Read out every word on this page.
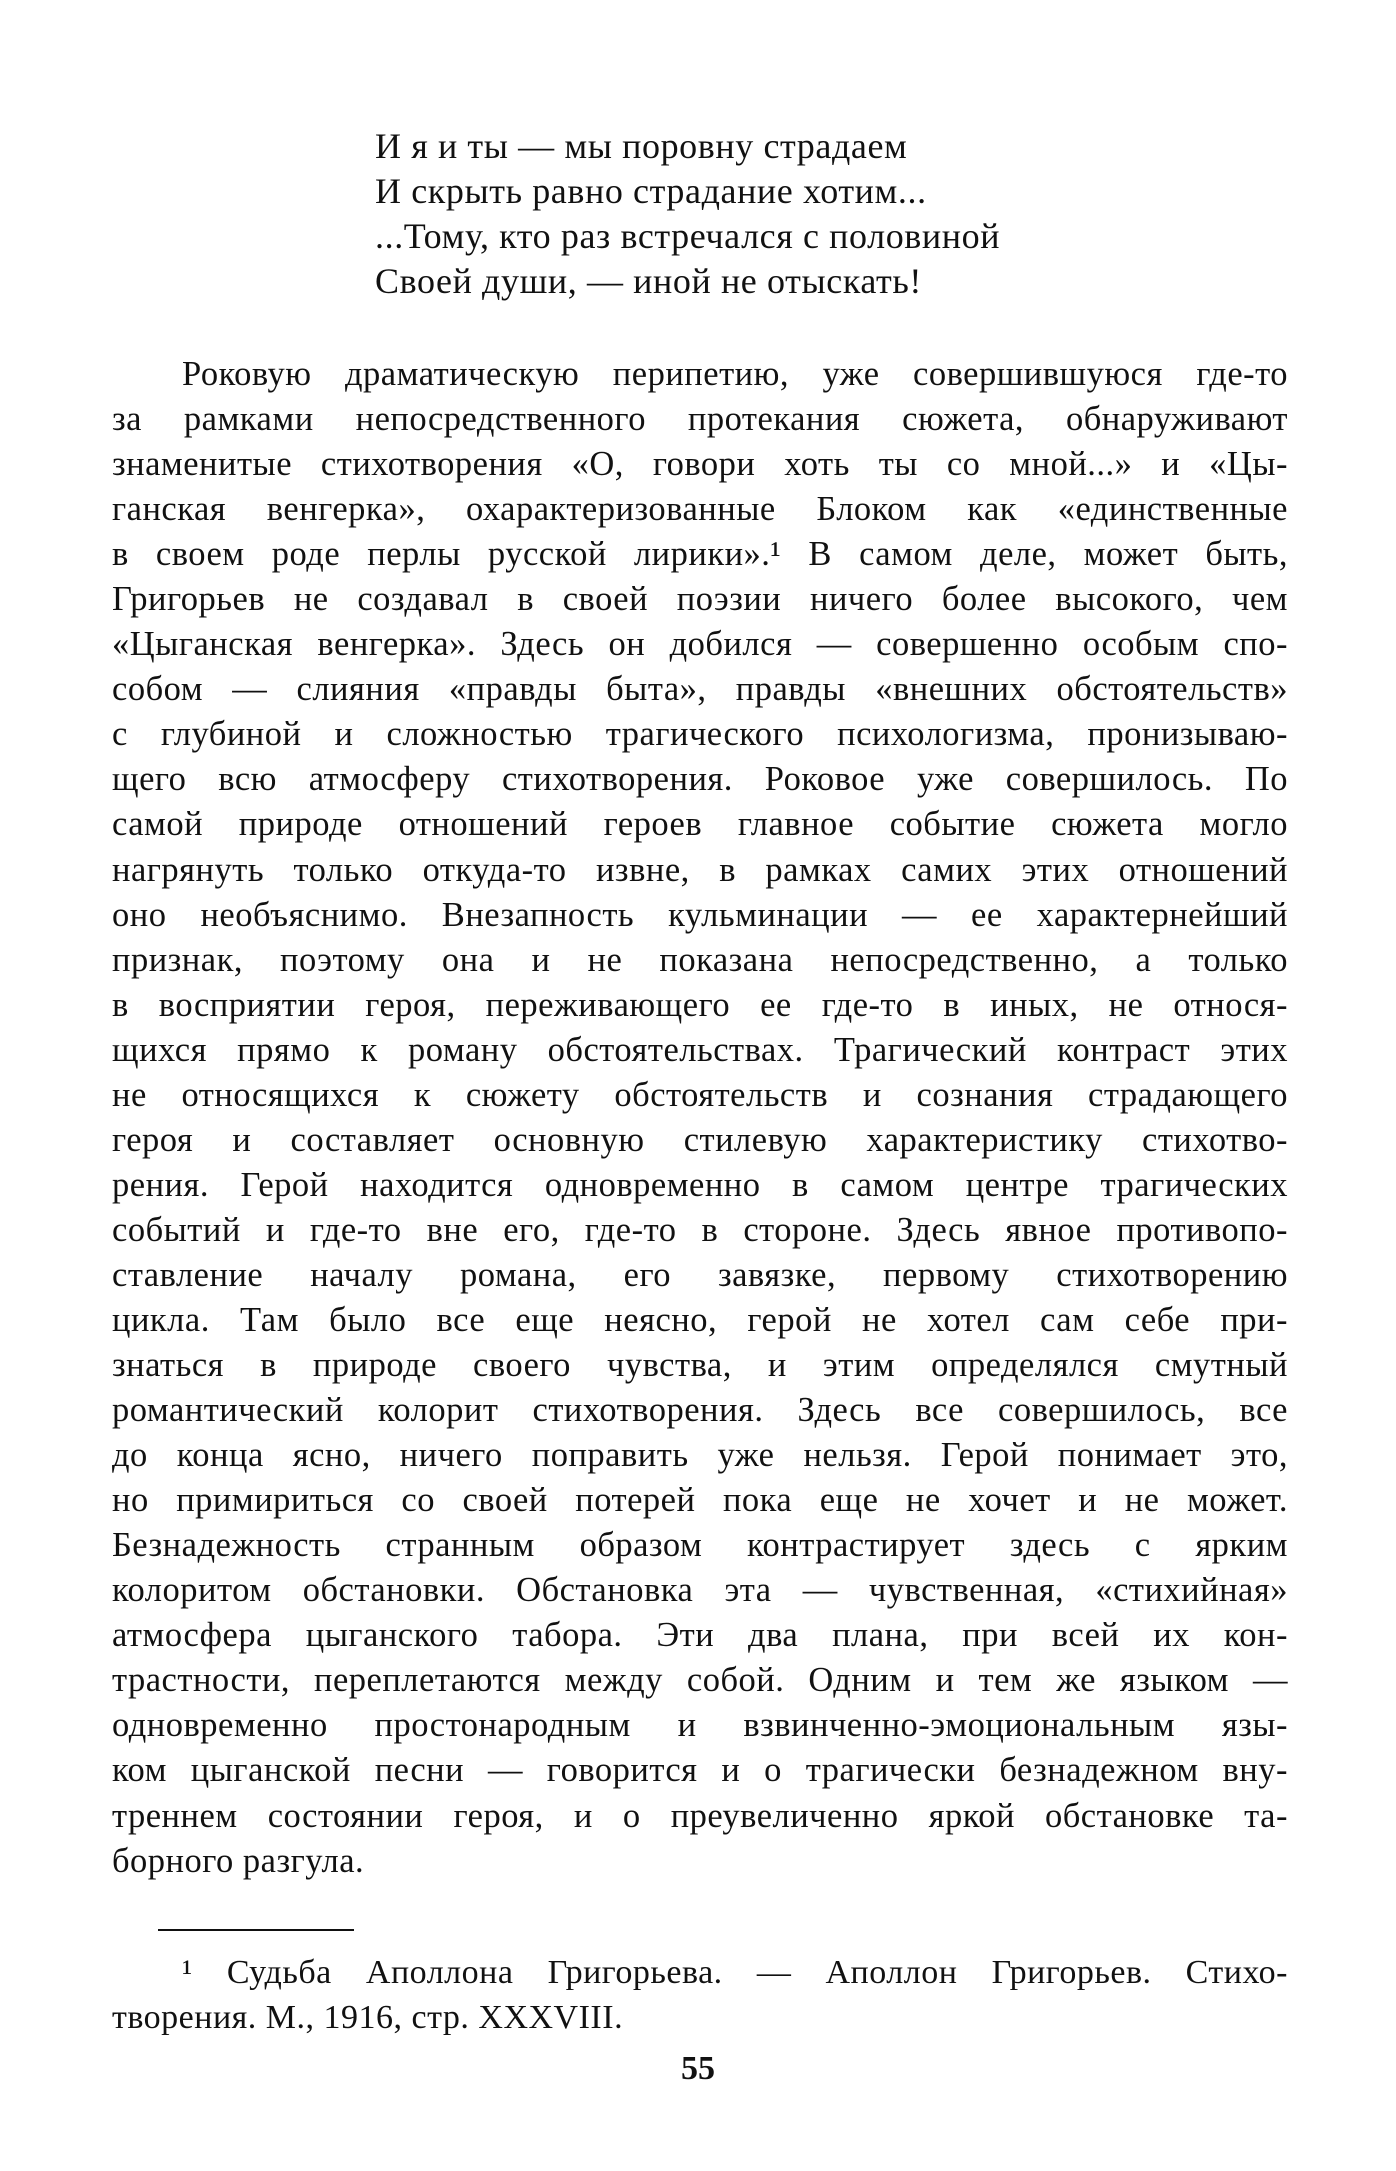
И я и ты — мы поровну страдаем
И скрыть равно страдание хотим...
...Тому, кто раз встречался с половиной
Своей души, — иной не отыскать!
Роковую драматическую перипетию, уже совершившуюся где-то
за рамками непосредственного протекания сюжета, обнаруживают
знаменитые стихотворения «О, говори хоть ты со мной...» и «Цы-
ганская венгерка», охарактеризованные Блоком как «единственные
в своем роде перлы русской лирики».¹ В самом деле, может быть,
Григорьев не создавал в своей поэзии ничего более высокого, чем
«Цыганская венгерка». Здесь он добился — совершенно особым спо-
собом — слияния «правды быта», правды «внешних обстоятельств»
с глубиной и сложностью трагического психологизма, пронизываю-
щего всю атмосферу стихотворения. Роковое уже совершилось. По
самой природе отношений героев главное событие сюжета могло
нагрянуть только откуда-то извне, в рамках самих этих отношений
оно необъяснимо. Внезапность кульминации — ее характернейший
признак, поэтому она и не показана непосредственно, а только
в восприятии героя, переживающего ее где-то в иных, не относя-
щихся прямо к роману обстоятельствах. Трагический контраст этих
не относящихся к сюжету обстоятельств и сознания страдающего
героя и составляет основную стилевую характеристику стихотво-
рения. Герой находится одновременно в самом центре трагических
событий и где-то вне его, где-то в стороне. Здесь явное противопо-
ставление началу романа, его завязке, первому стихотворению
цикла. Там было все еще неясно, герой не хотел сам себе при-
знаться в природе своего чувства, и этим определялся смутный
романтический колорит стихотворения. Здесь все совершилось, все
до конца ясно, ничего поправить уже нельзя. Герой понимает это,
но примириться со своей потерей пока еще не хочет и не может.
Безнадежность странным образом контрастирует здесь с ярким
колоритом обстановки. Обстановка эта — чувственная, «стихийная»
атмосфера цыганского табора. Эти два плана, при всей их кон-
трастности, переплетаются между собой. Одним и тем же языком —
одновременно простонародным и взвинченно-эмоциональным язы-
ком цыганской песни — говорится и о трагически безнадежном вну-
треннем состоянии героя, и о преувеличенно яркой обстановке та-
борного разгула.
¹ Судьба Аполлона Григорьева. — Аполлон Григорьев. Стихо-
творения. М., 1916, стр. XXXVIII.
55
